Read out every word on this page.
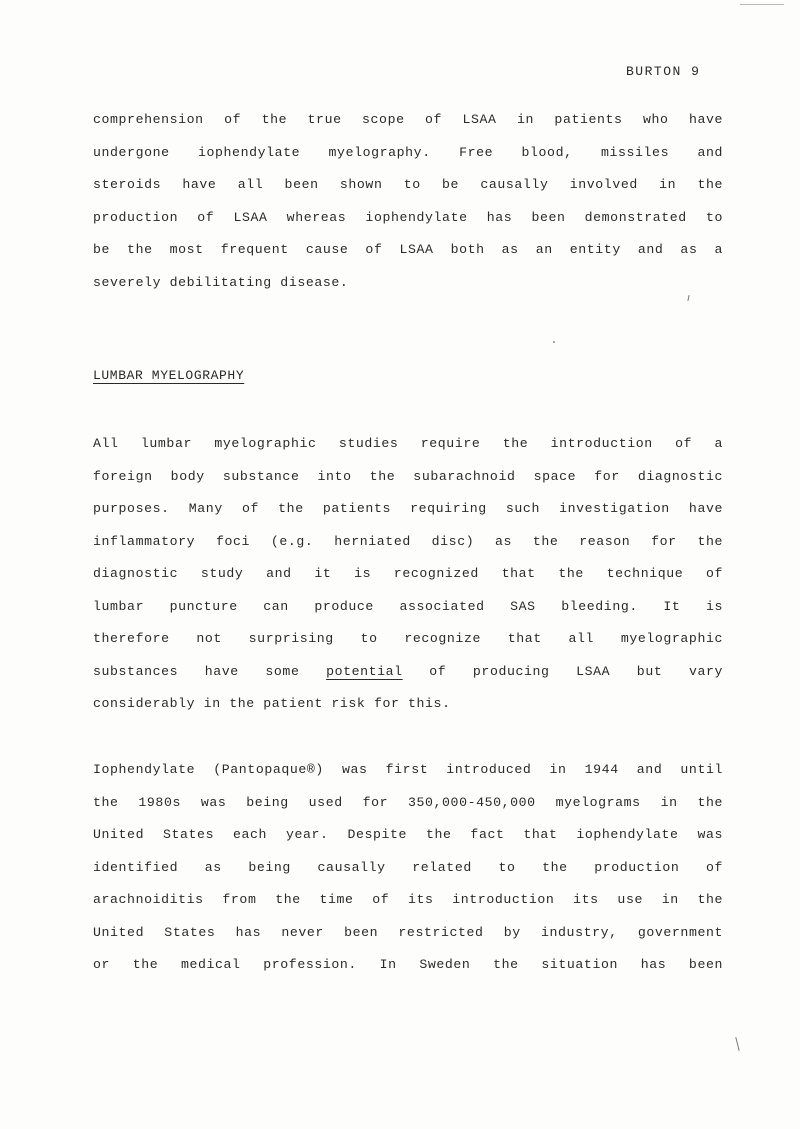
BURTON 9
comprehension of the true scope of LSAA in patients who have
undergone iophendylate myelography. Free blood, missiles and
steroids have all been shown to be causally involved in the
production of LSAA whereas iophendylate has been demonstrated to
be the most frequent cause of LSAA both as an entity and as a
severely debilitating disease.
LUMBAR MYELOGRAPHY
All lumbar myelographic studies require the introduction of a
foreign body substance into the subarachnoid space for diagnostic
purposes. Many of the patients requiring such investigation have
inflammatory foci (e.g. herniated disc) as the reason for the
diagnostic study and it is recognized that the technique of
lumbar puncture can produce associated SAS bleeding. It is
therefore not surprising to recognize that all myelographic
substances have some potential of producing LSAA but vary
considerably in the patient risk for this.
Iophendylate (Pantopaque®) was first introduced in 1944 and until
the 1980s was being used for 350,000-450,000 myelograms in the
United States each year. Despite the fact that iophendylate was
identified as being causally related to the production of
arachnoiditis from the time of its introduction its use in the
United States has never been restricted by industry, government
or the medical profession. In Sweden the situation has been
